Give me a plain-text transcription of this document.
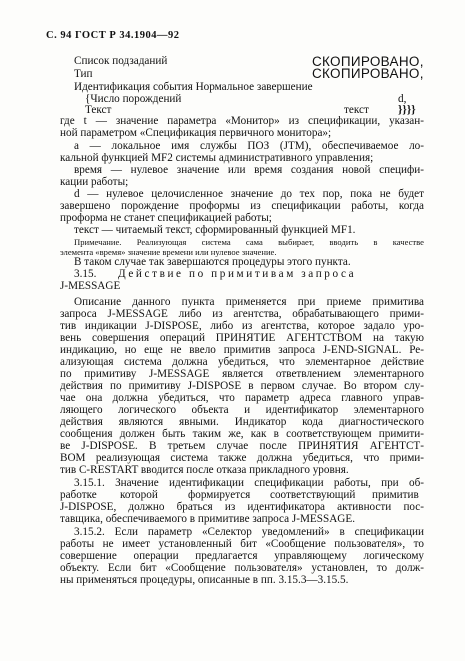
С. 94 ГОСТ Р 34.1904—92
СКОПИРОВАНО,
СКОПИРОВАНО,
Список подзаданий
Тип
Идентификация события Нормальное завершение
{Число порождений	d,
Текст	текст	}}}}
где t — значение параметра «Монитор» из спецификации, указан-
ной параметром «Спецификация первичного монитора»;
а — локальное имя службы ПОЗ (JTM), обеспечиваемое ло-
кальной функцией MF2 системы административного управления;
время — нулевое значение или время создания новой специфи-
кации работы;
d — нулевое целочисленное значение до тех пор, пока не будет
завершено порождение профоpмы из спецификации работы, когда
проформа не станет спецификацией работы;
текст — читаемый текст, сформированный функцией MF1.
Примечание. Реализующая система сама выбирает, вводить в качестве
элемента «время» значение времени или нулевое значение.
В таком случае так завершаются процедуры этого пункта.
3.15. Действие по примитивам запроса
J-MESSAGE
Описание данного пункта применяется при приеме примитива
запроса J-MESSAGE либо из агентства, обрабатывающего прими-
тив индикации J-DISPOSE, либо из агентства, которое задало уро-
вень совершения операций ПРИНЯТИЕ АГЕНТСТВОМ на такую
индикацию, но еще не ввело примитив запроса J-END-SIGNAL. Ре-
ализующая система должна убедиться, что элементарное действие
по примитиву J-MESSAGE является ответвлением элементарного
действия по примитиву J-DISPOSE в первом случае. Во втором слу-
чае она должна убедиться, что параметр адреса главного управ-
ляющего логического объекта и идентификатор элементарного
действия являются явными. Индикатор кода диагностического
сообщения должен быть таким же, как в соответствующем примити-
ве J-DISPOSE. В третьем случае после ПРИНЯТИЯ АГЕНТСТ-
ВОМ реализующая система также должна убедиться, что прими-
тив C-RESTART вводится после отказа прикладного уровня.
3.15.1. Значение идентификации спецификации работы, при об-
работке которой	формируется соответствующий примитив
J-DISPOSE, должно браться из идентификатора активности пос-
тавщика, обеспечиваемого в примитиве запроса J-MESSAGE.
3.15.2. Если параметр «Селектор уведомлений» в спецификации
работы не имеет установленный бит «Сообщение пользователя», то
совершение операции предлагается управляющему логическому
объекту. Если бит «Сообщение пользователя» установлен, то долж-
ны применяться процедуры, описанные в пп. 3.15.3—3.15.5.
